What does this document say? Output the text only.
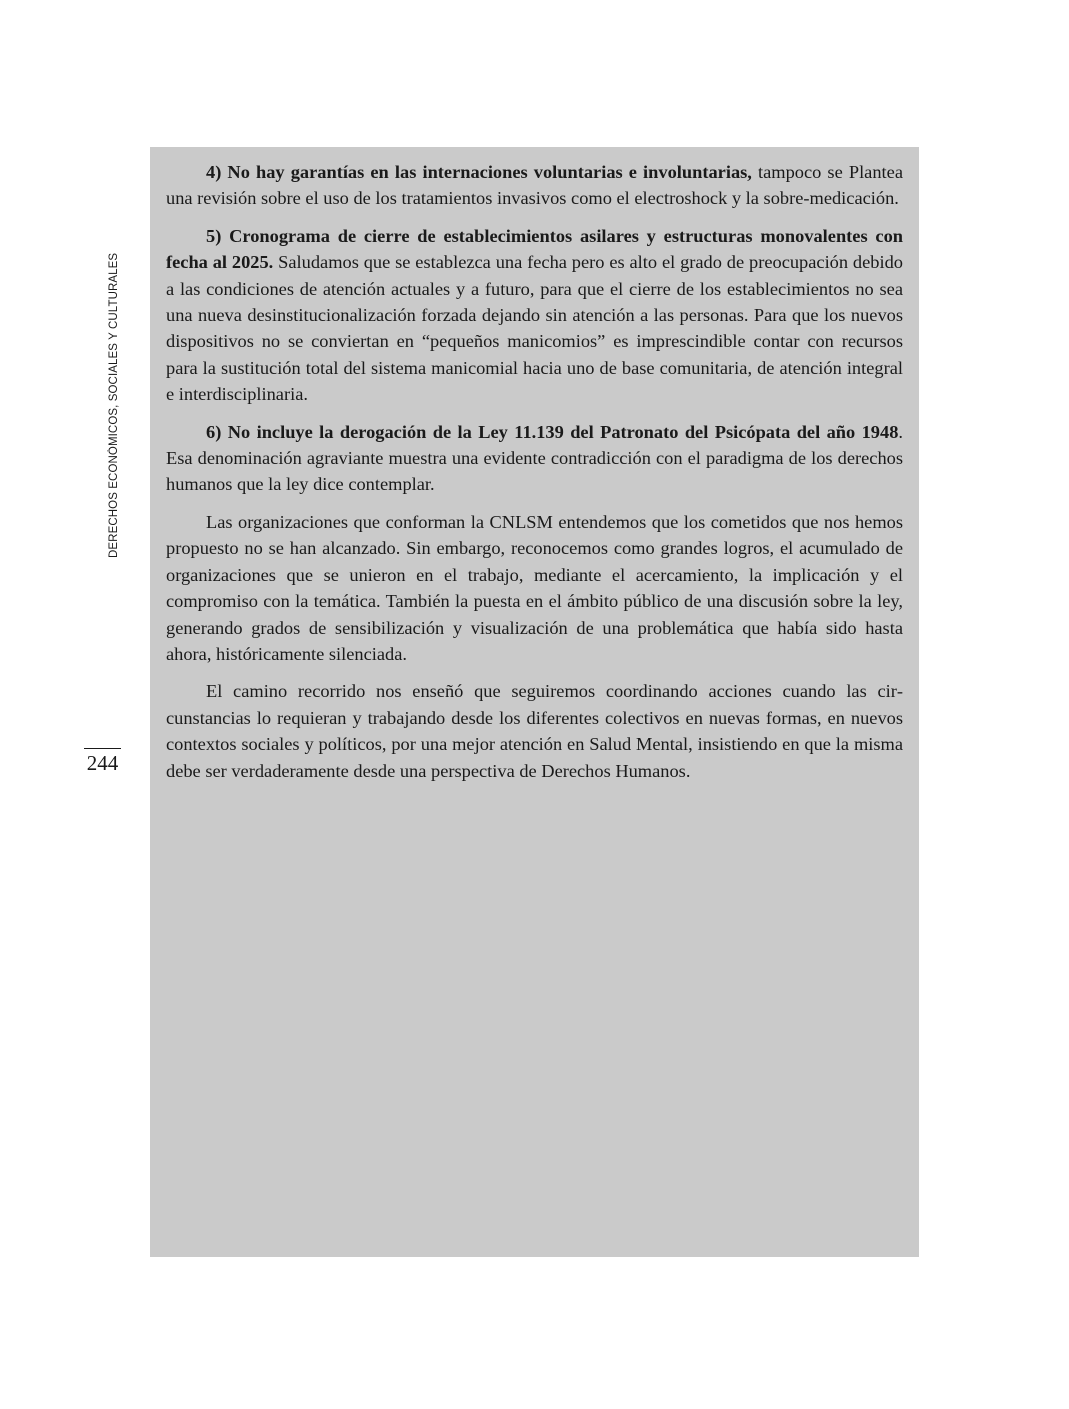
DERECHOS ECONÓMICOS, SOCIALES Y CULTURALES
244

4) No hay garantías en las internaciones voluntarias e involuntarias, tampoco se Plantea una revisión sobre el uso de los tratamientos invasivos como el electroshock y la sobre-medicación.

5) Cronograma de cierre de establecimientos asilares y estructuras monovalentes con fecha al 2025. Saludamos que se establezca una fecha pero es alto el grado de preocupación debido a las condiciones de atención actuales y a futuro, para que el cierre de los establecimientos no sea una nueva desinstitucionalización forzada dejando sin atención a las personas. Para que los nuevos dispositivos no se conviertan en “pequeños manicomios” es imprescindible contar con recursos para la sustitución total del sistema manicomial hacia uno de base comunitaria, de atención integral e interdisciplinaria.

6) No incluye la derogación de la Ley 11.139 del Patronato del Psicópata del año 1948. Esa denominación agraviante muestra una evidente contradicción con el paradigma de los derechos humanos que la ley dice contemplar.

Las organizaciones que conforman la CNLSM entendemos que los cometidos que nos hemos propuesto no se han alcanzado. Sin embargo, reconocemos como grandes logros, el acumulado de organizaciones que se unieron en el trabajo, mediante el acercamiento, la implicación y el compromiso con la temática. También la puesta en el ámbito público de una discusión sobre la ley, generando grados de sensibilización y visualización de una problemática que había sido hasta ahora, históricamente silenciada.

El camino recorrido nos enseñó que seguiremos coordinando acciones cuando las circunstancias lo requieran y trabajando desde los diferentes colectivos en nuevas formas, en nuevos contextos sociales y políticos, por una mejor atención en Salud Mental, insistiendo en que la misma debe ser verdaderamente desde una perspectiva de Derechos Humanos.
